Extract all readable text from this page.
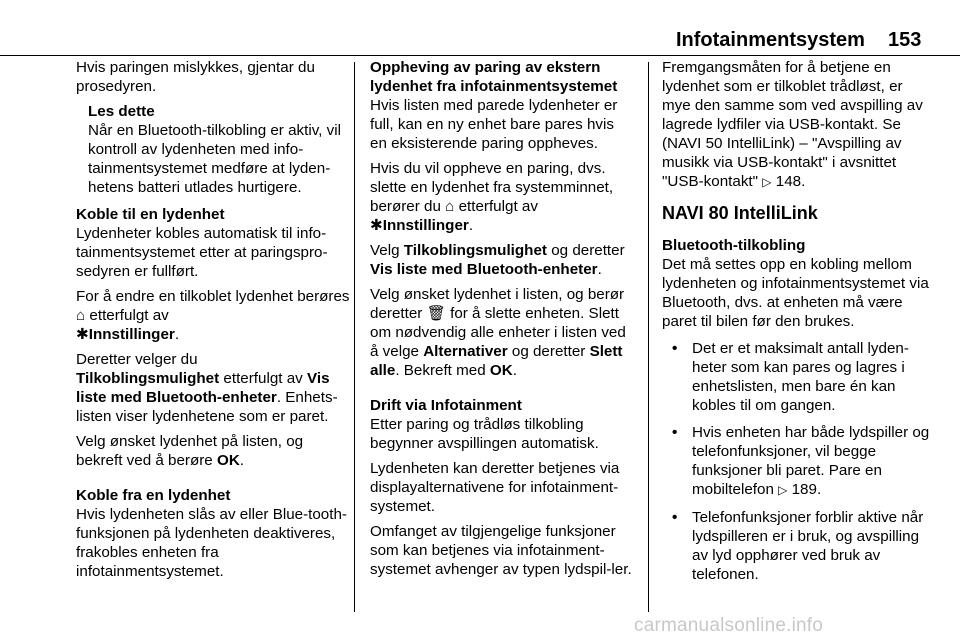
Infotainmentsystem 153

Hvis paringen mislykkes, gjentar du prosedyren.

Les dette
Når en Bluetooth-tilkobling er aktiv, vil kontroll av lydenheten med info-tainmentsystemet medføre at lyden-hetens batteri utlades hurtigere.

Koble til en lydenhet
Lydenheter kobles automatisk til info-tainmentsystemet etter at paringspro-sedyren er fullført.

For å endre en tilkoblet lydenhet berøres ⌂ etterfulgt av
✱Innstillinger.

Deretter velger du
Tilkoblingsmulighet etterfulgt av Vis liste med Bluetooth-enheter. Enhets-listen viser lydenhetene som er paret.

Velg ønsket lydenhet på listen, og bekreft ved å berøre OK.

Koble fra en lydenhet
Hvis lydenheten slås av eller Blue-tooth-funksjonen på lydenheten deaktiveres, frakobles enheten fra infotainmentsystemet.

Oppheving av paring av ekstern lydenhet fra infotainmentsystemet
Hvis listen med parede lydenheter er full, kan en ny enhet bare pares hvis en eksisterende paring oppheves.

Hvis du vil oppheve en paring, dvs. slette en lydenhet fra systemminnet, berører du ⌂ etterfulgt av
✱Innstillinger.

Velg Tilkoblingsmulighet og deretter Vis liste med Bluetooth-enheter.

Velg ønsket lydenhet i listen, og berør deretter 🗑 for å slette enheten. Slett om nødvendig alle enheter i listen ved å velge Alternativer og deretter Slett alle. Bekreft med OK.

Drift via Infotainment
Etter paring og trådløs tilkobling begynner avspillingen automatisk.

Lydenheten kan deretter betjenes via displayalternativene for infotainment-systemet.

Omfanget av tilgjengelige funksjoner som kan betjenes via infotainment-systemet avhenger av typen lydspil-ler.

Fremgangsmåten for å betjene en lydenhet som er tilkoblet trådløst, er mye den samme som ved avspilling av lagrede lydfiler via USB-kontakt. Se (NAVI 50 IntelliLink) – "Avspilling av musikk via USB-kontakt" i avsnittet "USB-kontakt" ▷ 148.

NAVI 80 IntelliLink

Bluetooth-tilkobling
Det må settes opp en kobling mellom lydenheten og infotainmentsystemet via Bluetooth, dvs. at enheten må være paret til bilen før den brukes.

• Det er et maksimalt antall lyden-heter som kan pares og lagres i enhetslisten, men bare én kan kobles til om gangen.
• Hvis enheten har både lydspiller og telefonfunksjoner, vil begge funksjoner bli paret. Pare en mobiltelefon ▷ 189.
• Telefonfunksjoner forblir aktive når lydspilleren er i bruk, og avspilling av lyd opphører ved bruk av telefonen.
carmanualsonline.info
